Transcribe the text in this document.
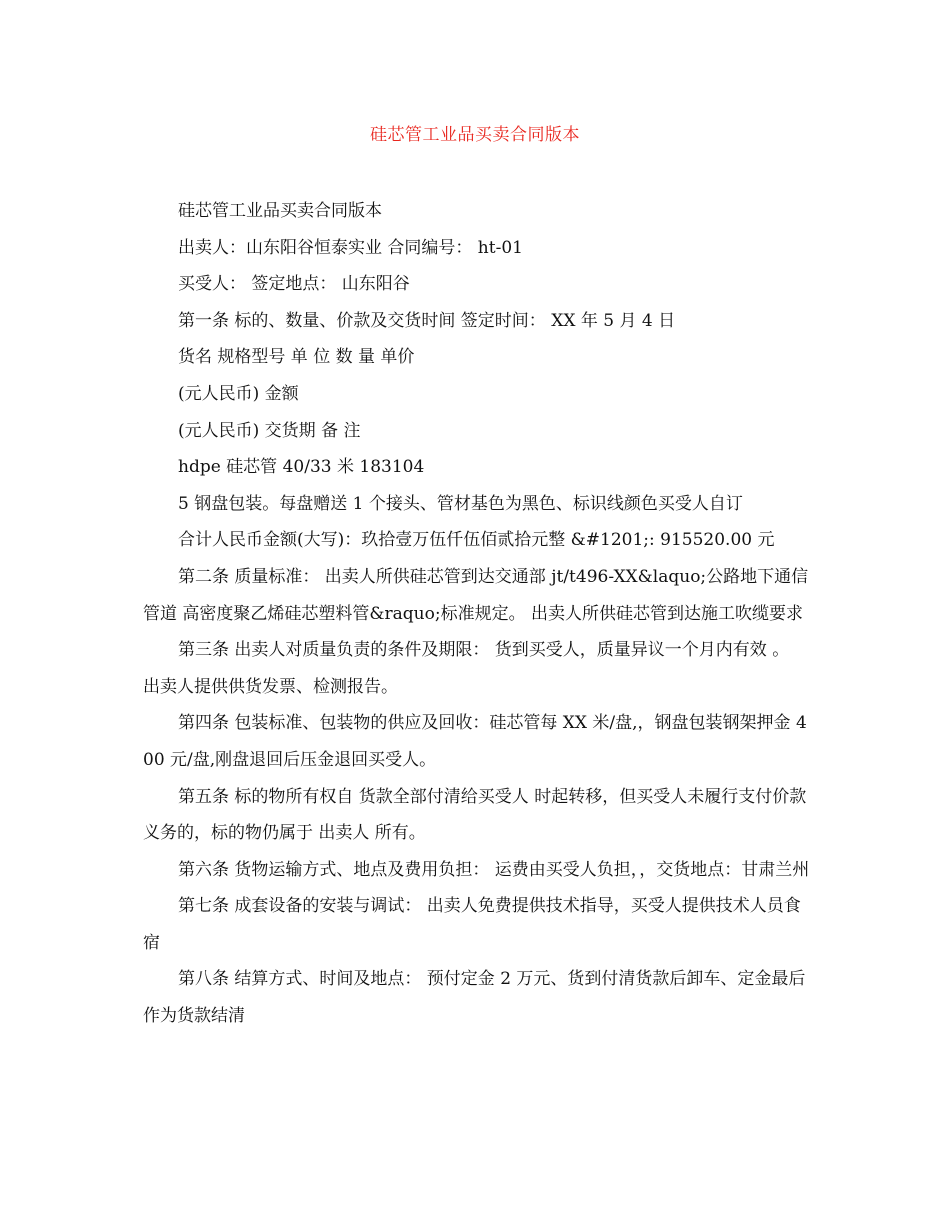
硅芯管工业品买卖合同版本

硅芯管工业品买卖合同版本

出卖人：山东阳谷恒泰实业 合同编号： ht-01

买受人： 签定地点： 山东阳谷

第一条 标的、数量、价款及交货时间 签定时间： XX 年 5 月 4 日

货名 规格型号 单 位 数 量 单价

(元人民币) 金额

(元人民币) 交货期 备 注

hdpe 硅芯管 40/33 米 183104

5 钢盘包装。每盘赠送 1 个接头、管材基色为黑色、标识线颜色买受人自订

合计人民币金额(大写)：玖拾壹万伍仟伍佰贰拾元整 &#1201;: 915520.00 元

第二条 质量标准： 出卖人所供硅芯管到达交通部 jt/t496-XX&laquo;公路地下通信管道 高密度聚乙烯硅芯塑料管&raquo;标准规定。 出卖人所供硅芯管到达施工吹缆要求

第三条 出卖人对质量负责的条件及期限： 货到买受人，质量异议一个月内有效 。 出卖人提供供货发票、检测报告。

第四条 包装标准、包装物的供应及回收：硅芯管每 XX 米/盘,，钢盘包装钢架押金 400 元/盘,刚盘退回后压金退回买受人。

第五条 标的物所有权自 货款全部付清给买受人 时起转移，但买受人未履行支付价款义务的，标的物仍属于 出卖人 所有。

第六条 货物运输方式、地点及费用负担： 运费由买受人负担，，交货地点：甘肃兰州

第七条 成套设备的安装与调试： 出卖人免费提供技术指导，买受人提供技术人员食宿

第八条 结算方式、时间及地点： 预付定金 2 万元、货到付清货款后卸车、定金最后作为货款结清
